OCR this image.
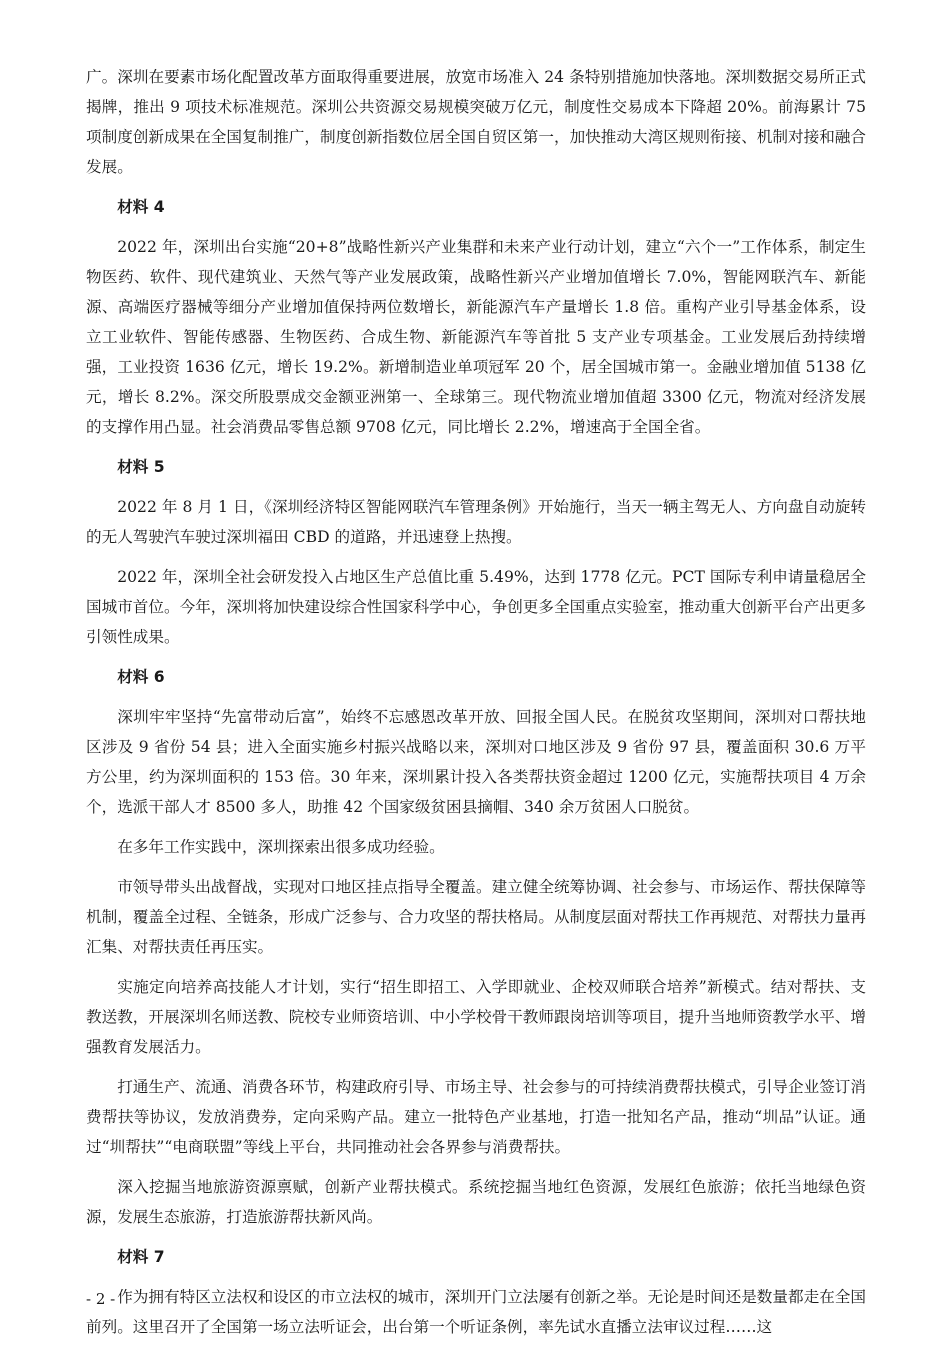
广。深圳在要素市场化配置改革方面取得重要进展，放宽市场准入 24 条特别措施加快落地。深圳数据交易所正式揭牌，推出 9 项技术标准规范。深圳公共资源交易规模突破万亿元，制度性交易成本下降超 20%。前海累计 75 项制度创新成果在全国复制推广，制度创新指数位居全国自贸区第一，加快推动大湾区规则衔接、机制对接和融合发展。

材料 4

2022 年，深圳出台实施“20+8”战略性新兴产业集群和未来产业行动计划，建立“六个一”工作体系，制定生物医药、软件、现代建筑业、天然气等产业发展政策，战略性新兴产业增加值增长 7.0%，智能网联汽车、新能源、高端医疗器械等细分产业增加值保持两位数增长，新能源汽车产量增长 1.8 倍。重构产业引导基金体系，设立工业软件、智能传感器、生物医药、合成生物、新能源汽车等首批 5 支产业专项基金。工业发展后劲持续增强，工业投资 1636 亿元，增长 19.2%。新增制造业单项冠军 20 个，居全国城市第一。金融业增加值 5138 亿元，增长 8.2%。深交所股票成交金额亚洲第一、全球第三。现代物流业增加值超 3300 亿元，物流对经济发展的支撑作用凸显。社会消费品零售总额 9708 亿元，同比增长 2.2%，增速高于全国全省。

材料 5

2022 年 8 月 1 日，《深圳经济特区智能网联汽车管理条例》开始施行，当天一辆主驾无人、方向盘自动旋转的无人驾驶汽车驶过深圳福田 CBD 的道路，并迅速登上热搜。

2022 年，深圳全社会研发投入占地区生产总值比重 5.49%，达到 1778 亿元。PCT 国际专利申请量稳居全国城市首位。今年，深圳将加快建设综合性国家科学中心，争创更多全国重点实验室，推动重大创新平台产出更多引领性成果。

材料 6

深圳牢牢坚持“先富带动后富”，始终不忘感恩改革开放、回报全国人民。在脱贫攻坚期间，深圳对口帮扶地区涉及 9 省份 54 县；进入全面实施乡村振兴战略以来，深圳对口地区涉及 9 省份 97 县，覆盖面积 30.6 万平方公里，约为深圳面积的 153 倍。30 年来，深圳累计投入各类帮扶资金超过 1200 亿元，实施帮扶项目 4 万余个，选派干部人才 8500 多人，助推 42 个国家级贫困县摘帽、340 余万贫困人口脱贫。

在多年工作实践中，深圳探索出很多成功经验。

市领导带头出战督战，实现对口地区挂点指导全覆盖。建立健全统筹协调、社会参与、市场运作、帮扶保障等机制，覆盖全过程、全链条，形成广泛参与、合力攻坚的帮扶格局。从制度层面对帮扶工作再规范、对帮扶力量再汇集、对帮扶责任再压实。

实施定向培养高技能人才计划，实行“招生即招工、入学即就业、企校双师联合培养”新模式。结对帮扶、支教送教，开展深圳名师送教、院校专业师资培训、中小学校骨干教师跟岗培训等项目，提升当地师资教学水平、增强教育发展活力。

打通生产、流通、消费各环节，构建政府引导、市场主导、社会参与的可持续消费帮扶模式，引导企业签订消费帮扶等协议，发放消费券，定向采购产品。建立一批特色产业基地，打造一批知名产品，推动“圳品”认证。通过“圳帮扶”“电商联盟”等线上平台，共同推动社会各界参与消费帮扶。

深入挖掘当地旅游资源禀赋，创新产业帮扶模式。系统挖掘当地红色资源，发展红色旅游；依托当地绿色资源，发展生态旅游，打造旅游帮扶新风尚。

材料 7

作为拥有特区立法权和设区的市立法权的城市，深圳开门立法屡有创新之举。无论是时间还是数量都走在全国前列。这里召开了全国第一场立法听证会，出台第一个听证条例，率先试水直播立法审议过程……这

- 2 -
